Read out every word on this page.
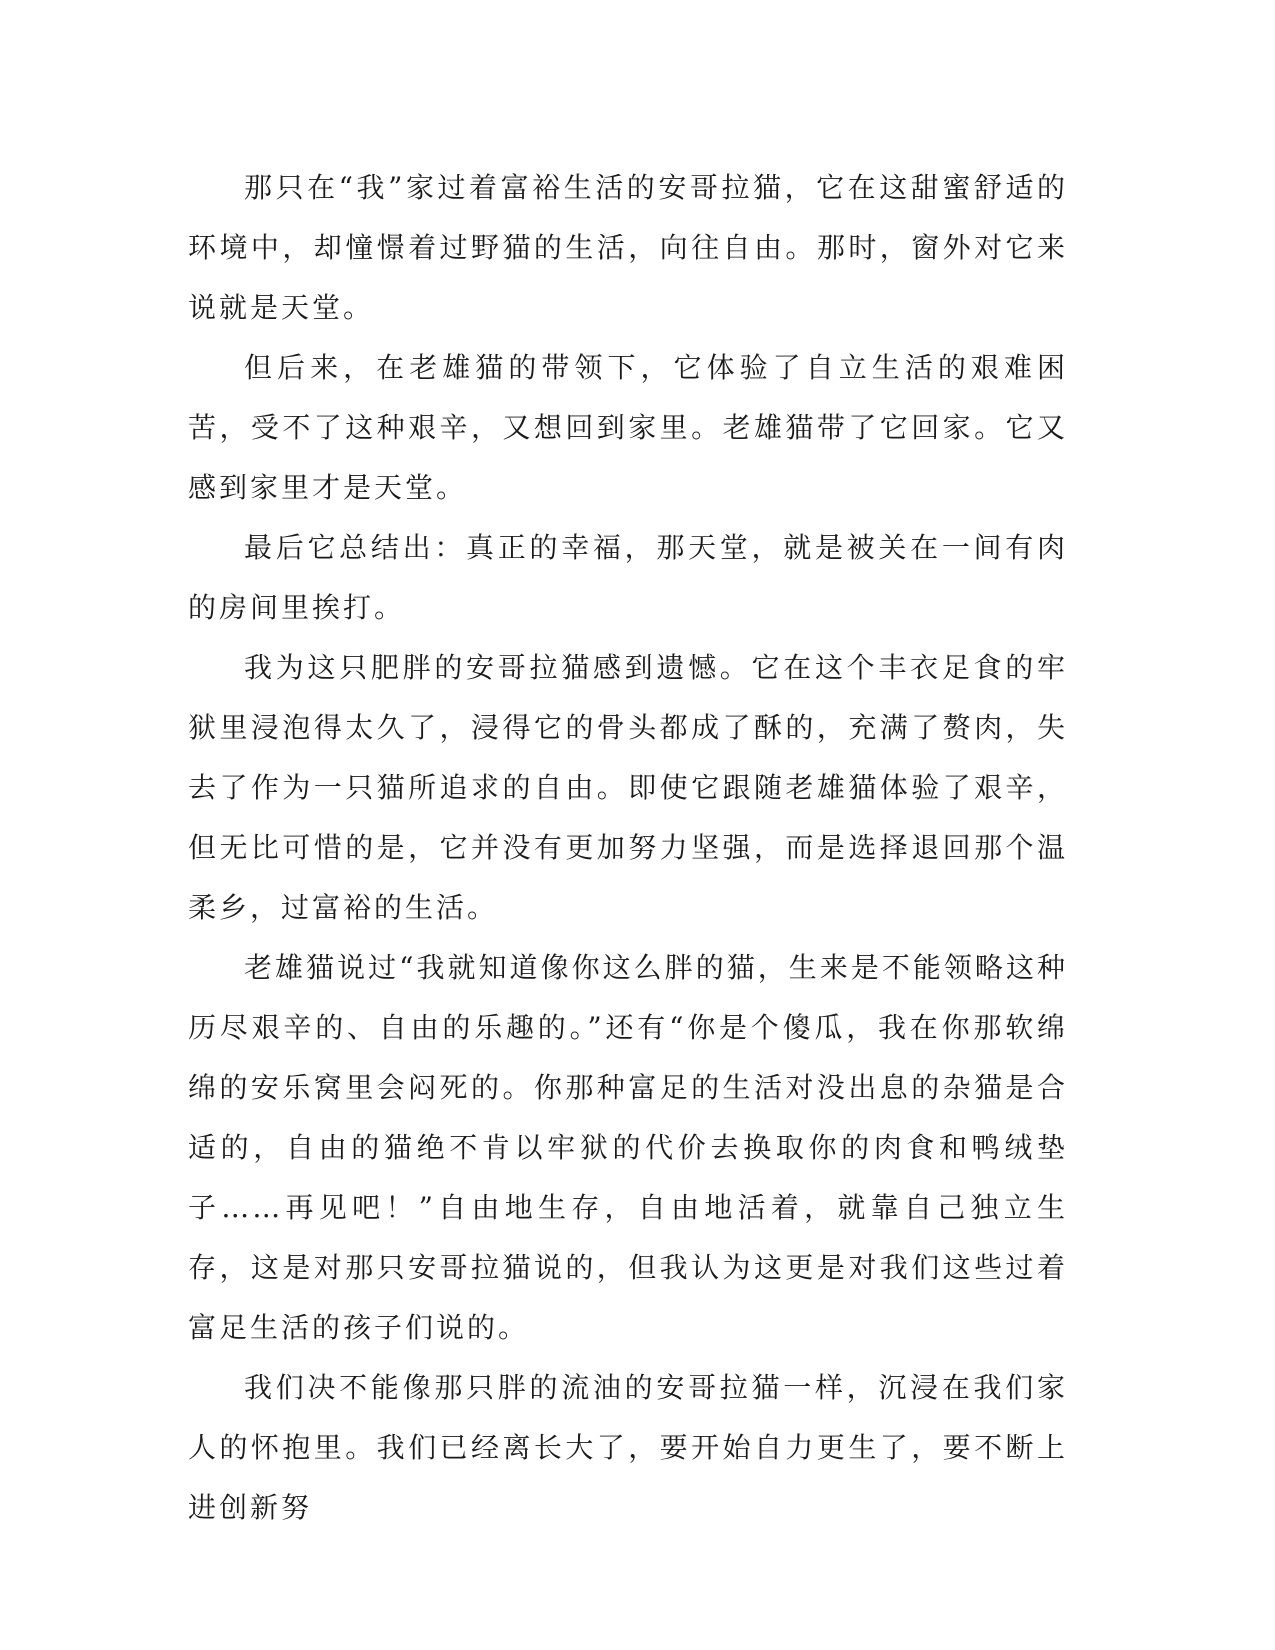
那只在“我”家过着富裕生活的安哥拉猫，它在这甜蜜舒适的环境中，却憧憬着过野猫的生活，向往自由。那时，窗外对它来说就是天堂。

但后来，在老雄猫的带领下，它体验了自立生活的艰难困苦，受不了这种艰辛，又想回到家里。老雄猫带了它回家。它又感到家里才是天堂。

最后它总结出：真正的幸福，那天堂，就是被关在一间有肉的房间里挨打。

我为这只肥胖的安哥拉猫感到遗憾。它在这个丰衣足食的牢狱里浸泡得太久了，浸得它的骨头都成了酥的，充满了赘肉，失去了作为一只猫所追求的自由。即使它跟随老雄猫体验了艰辛，但无比可惜的是，它并没有更加努力坚强，而是选择退回那个温柔乡，过富裕的生活。

老雄猫说过“我就知道像你这么胖的猫，生来是不能领略这种历尽艰辛的、自由的乐趣的。”还有“你是个傻瓜，我在你那软绵绵的安乐窝里会闷死的。你那种富足的生活对没出息的杂猫是合适的，自由的猫绝不肯以牢狱的代价去换取你的肉食和鸭绒垫子……再见吧！”自由地生存，自由地活着，就靠自己独立生存，这是对那只安哥拉猫说的，但我认为这更是对我们这些过着富足生活的孩子们说的。

我们决不能像那只胖的流油的安哥拉猫一样，沉浸在我们家人的怀抱里。我们已经离长大了，要开始自力更生了，要不断上进创新努
